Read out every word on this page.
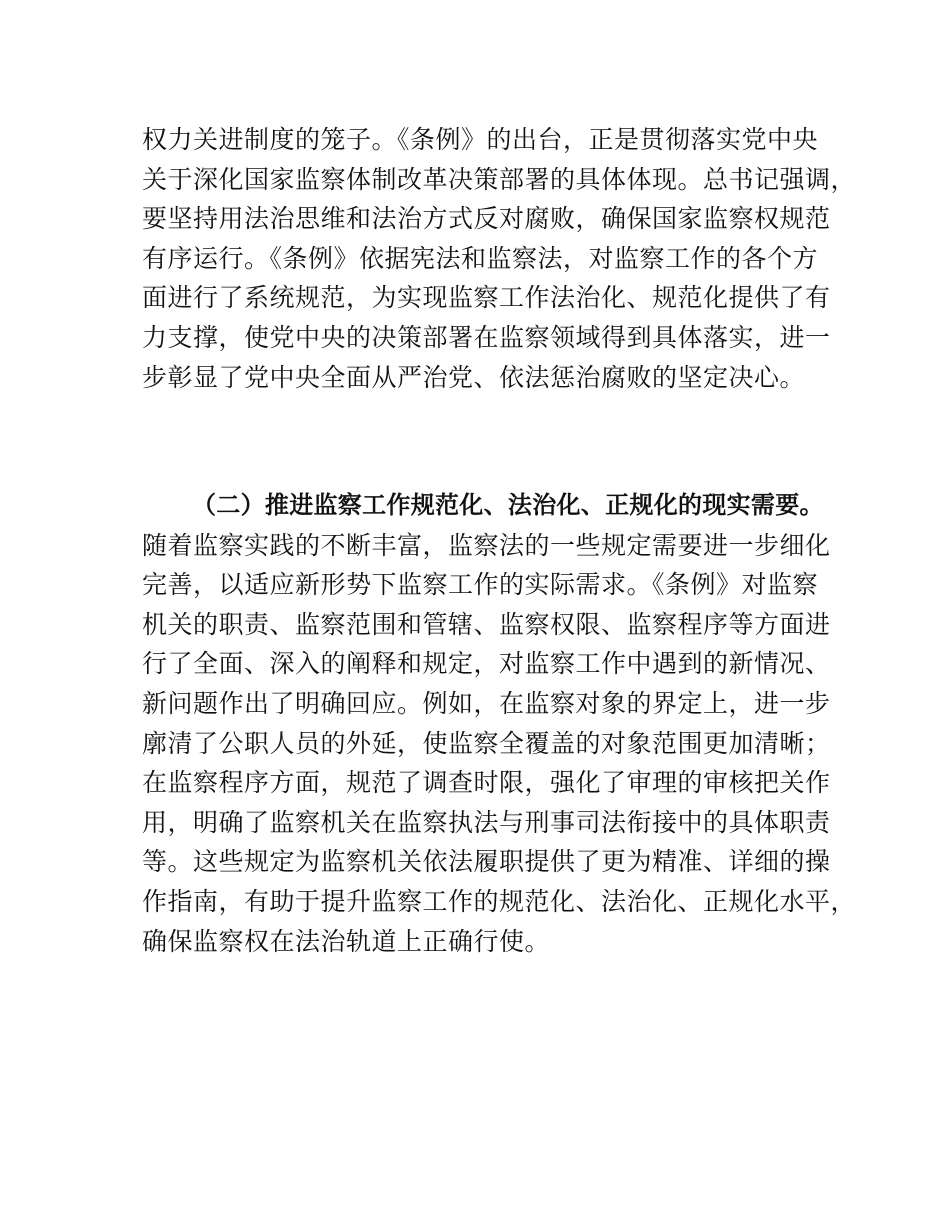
权力关进制度的笼子。《条例》的出台，正是贯彻落实党中央
关于深化国家监察体制改革决策部署的具体体现。总书记强调，
要坚持用法治思维和法治方式反对腐败，确保国家监察权规范
有序运行。《条例》依据宪法和监察法，对监察工作的各个方
面进行了系统规范，为实现监察工作法治化、规范化提供了有
力支撑，使党中央的决策部署在监察领域得到具体落实，进一
步彰显了党中央全面从严治党、依法惩治腐败的坚定决心。
（二）推进监察工作规范化、法治化、正规化的现实需要。
随着监察实践的不断丰富，监察法的一些规定需要进一步细化
完善，以适应新形势下监察工作的实际需求。《条例》对监察
机关的职责、监察范围和管辖、监察权限、监察程序等方面进
行了全面、深入的阐释和规定，对监察工作中遇到的新情况、
新问题作出了明确回应。例如，在监察对象的界定上，进一步
廓清了公职人员的外延，使监察全覆盖的对象范围更加清晰；
在监察程序方面，规范了调查时限，强化了审理的审核把关作
用，明确了监察机关在监察执法与刑事司法衔接中的具体职责
等。这些规定为监察机关依法履职提供了更为精准、详细的操
作指南，有助于提升监察工作的规范化、法治化、正规化水平，
确保监察权在法治轨道上正确行使。
